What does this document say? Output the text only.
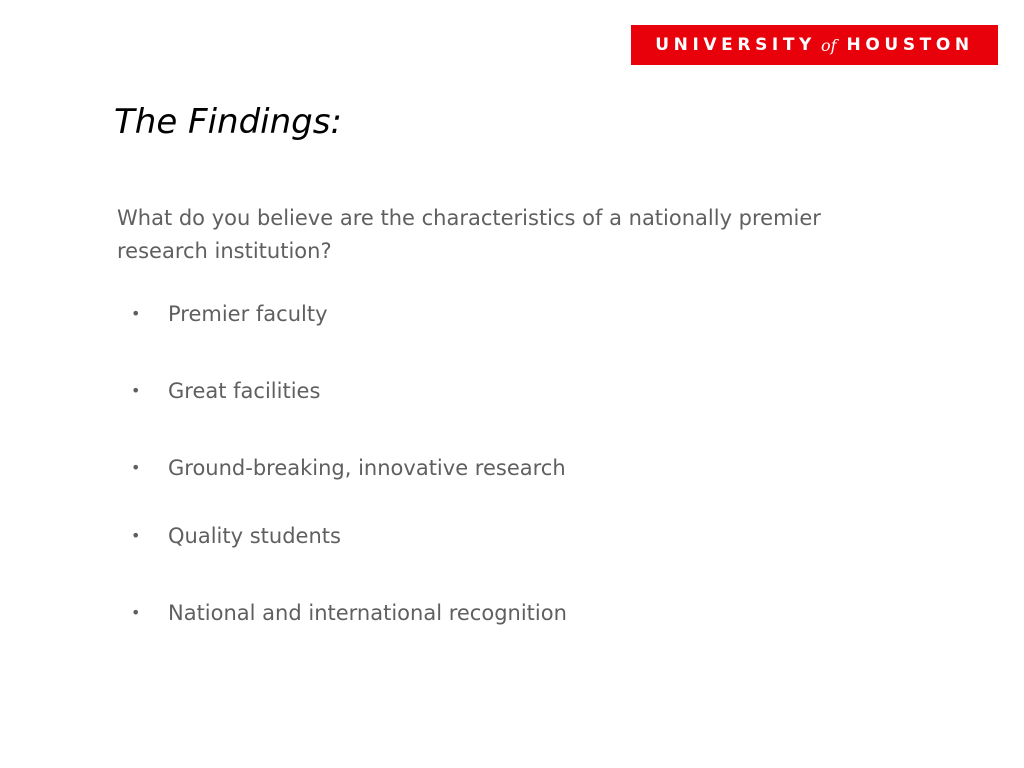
UNIVERSITY of HOUSTON
The Findings:

What do you believe are the characteristics of a nationally premier research institution?

• Premier faculty
• Great facilities
• Ground-breaking, innovative research
• Quality students
• National and international recognition
